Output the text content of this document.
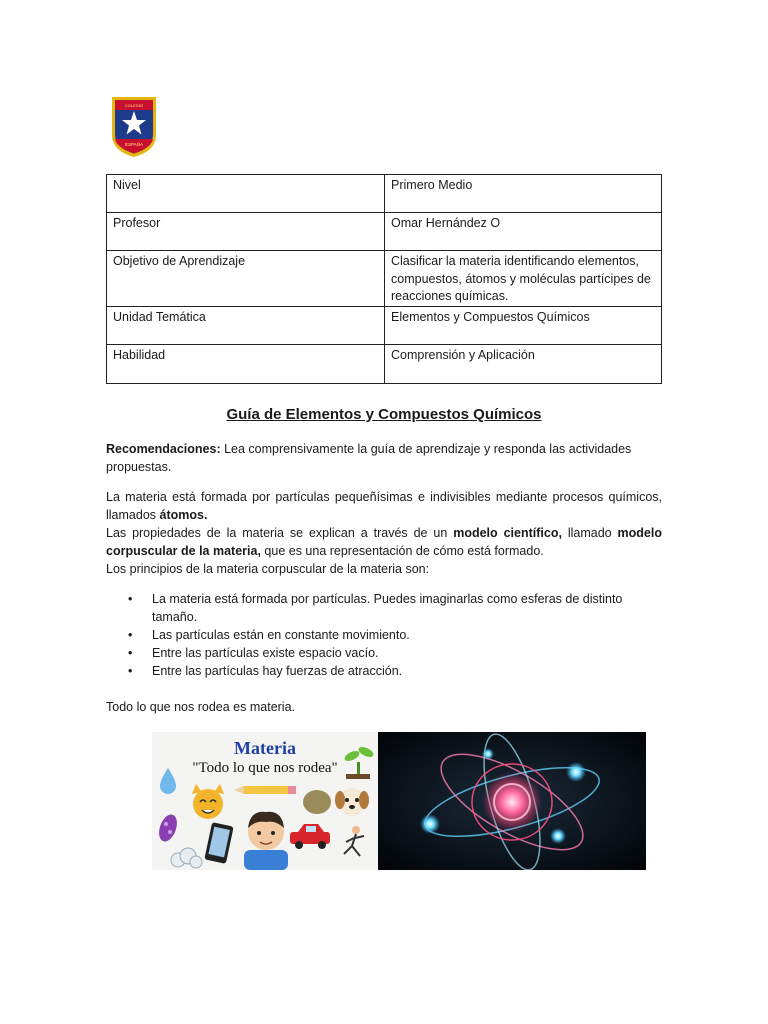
COLEGIO
ESPAÑA
Nivel	Primero Medio
Profesor	Omar Hernández O
Objetivo de Aprendizaje	Clasificar la materia identificando elementos, compuestos, átomos y moléculas partícipes de reacciones químicas.
Unidad Temática	Elementos y Compuestos Químicos
Habilidad	Comprensión y Aplicación
Guía de Elementos y Compuestos Químicos
Recomendaciones: Lea comprensivamente la guía de aprendizaje y responda las actividades propuestas.

La materia está formada por partículas pequeñísimas e indivisibles mediante procesos químicos, llamados átomos.

Las propiedades de la materia se explican a través de un modelo científico, llamado modelo corpuscular de la materia, que es una representación de cómo está formado.

Los principios de la materia corpuscular de la materia son:

• La materia está formada por partículas. Puedes imaginarlas como esferas de distinto tamaño.
• Las partículas están en constante movimiento.
• Entre las partículas existe espacio vacío.
• Entre las partículas hay fuerzas de atracción.
Todo lo que nos rodea es materia.
Materia
"Todo lo que nos rodea"
